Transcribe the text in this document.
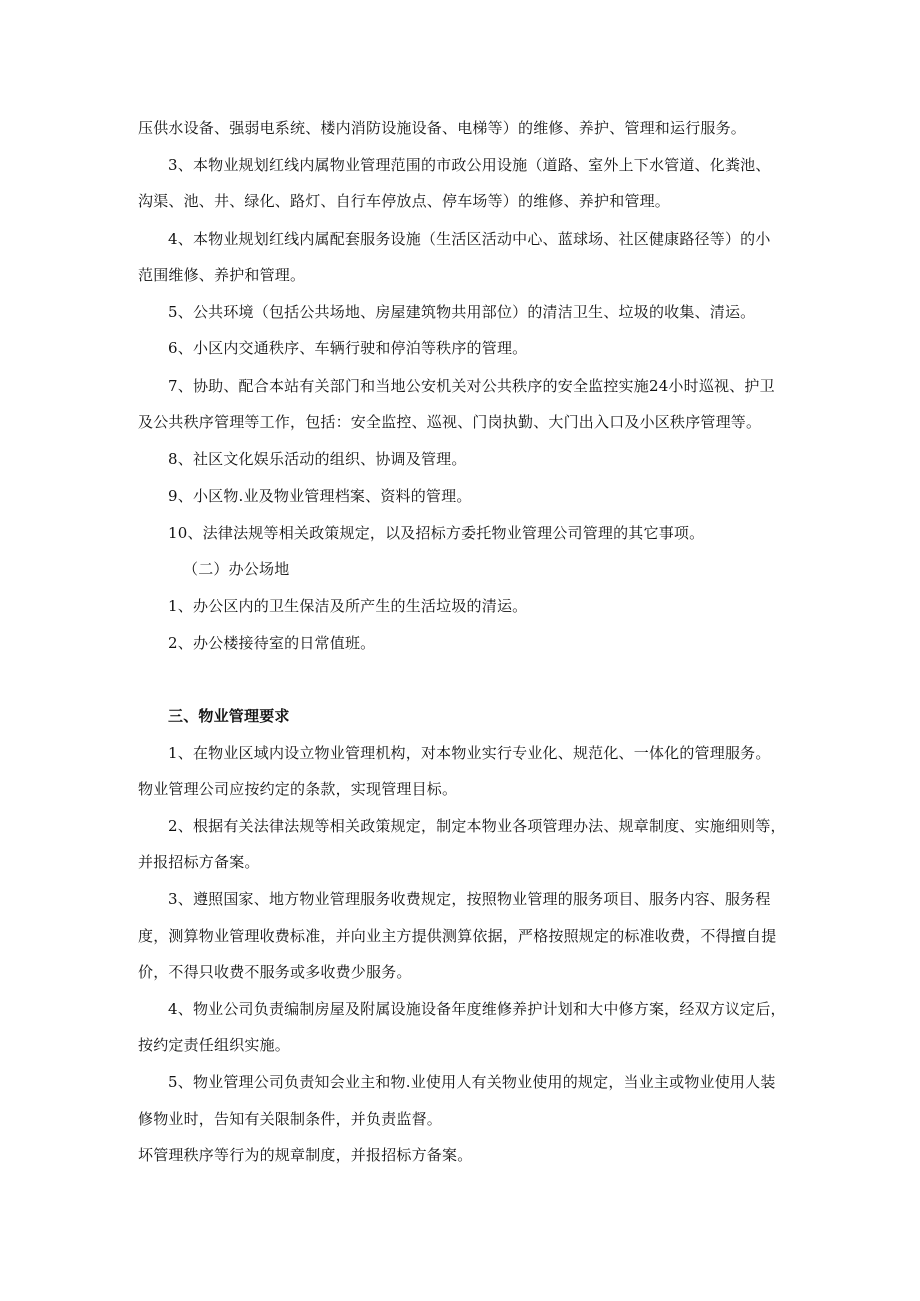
压供水设备、强弱电系统、楼内消防设施设备、电梯等）的维修、养护、管理和运行服务。
3、本物业规划红线内属物业管理范围的市政公用设施（道路、室外上下水管道、化粪池、
沟渠、池、井、绿化、路灯、自行车停放点、停车场等）的维修、养护和管理。
4、本物业规划红线内属配套服务设施（生活区活动中心、蓝球场、社区健康路径等）的小
范围维修、养护和管理。
5、公共环境（包括公共场地、房屋建筑物共用部位）的清洁卫生、垃圾的收集、清运。
6、小区内交通秩序、车辆行驶和停泊等秩序的管理。
7、协助、配合本站有关部门和当地公安机关对公共秩序的安全监控实施24小时巡视、护卫
及公共秩序管理等工作，包括：安全监控、巡视、门岗执勤、大门出入口及小区秩序管理等。
8、社区文化娱乐活动的组织、协调及管理。
9、小区物.业及物业管理档案、资料的管理。
10、法律法规等相关政策规定，以及招标方委托物业管理公司管理的其它事项。
（二）办公场地
1、办公区内的卫生保洁及所产生的生活垃圾的清运。
2、办公楼接待室的日常值班。
三、物业管理要求
1、在物业区域内设立物业管理机构，对本物业实行专业化、规范化、一体化的管理服务。
物业管理公司应按约定的条款，实现管理目标。
2、根据有关法律法规等相关政策规定，制定本物业各项管理办法、规章制度、实施细则等，
并报招标方备案。
3、遵照国家、地方物业管理服务收费规定，按照物业管理的服务项目、服务内容、服务程
度，测算物业管理收费标准，并向业主方提供测算依据，严格按照规定的标准收费，不得擅自提
价，不得只收费不服务或多收费少服务。
4、物业公司负责编制房屋及附属设施设备年度维修养护计划和大中修方案，经双方议定后，
按约定责任组织实施。
5、物业管理公司负责知会业主和物.业使用人有关物业使用的规定，当业主或物业使用人装
修物业时，告知有关限制条件，并负责监督。
坏管理秩序等行为的规章制度，并报招标方备案。
